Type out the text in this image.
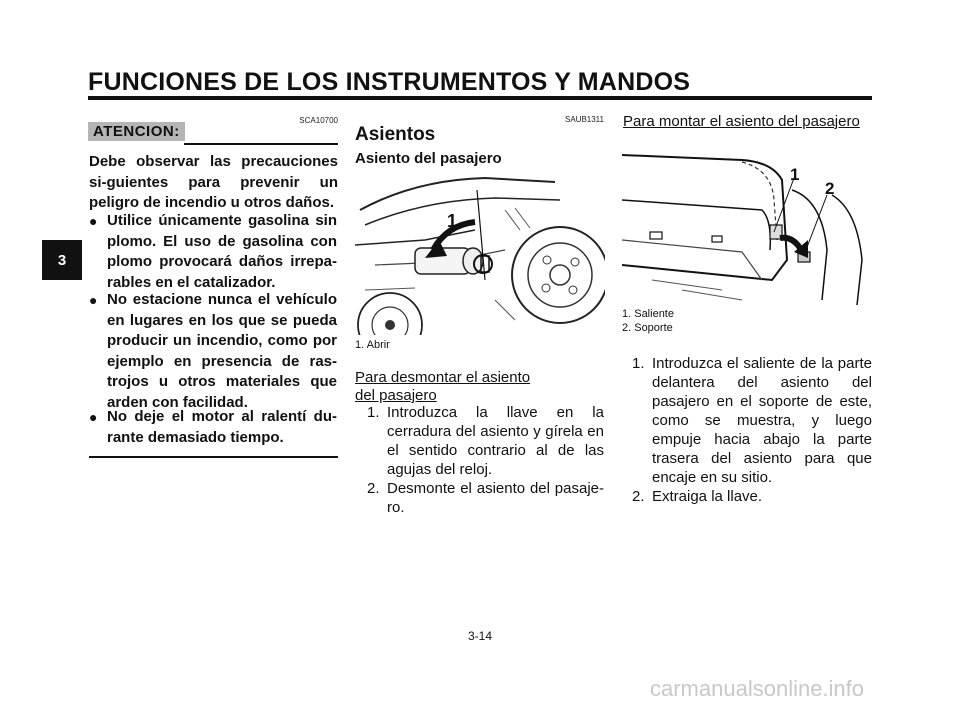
FUNCIONES DE LOS INSTRUMENTOS Y MANDOS
3
SCA10700
ATENCION:
Debe observar las precauciones si-guientes para prevenir un peligro de incendio u otros daños.
● Utilice únicamente gasolina sin plomo. El uso de gasolina con plomo provocará daños irrepa-rables en el catalizador.
● No estacione nunca el vehículo en lugares en los que se pueda producir un incendio, como por ejemplo en presencia de ras-trojos u otros materiales que arden con facilidad.
● No deje el motor al ralentí du-rante demasiado tiempo.
SAUB1311
Asientos
Asiento del pasajero
1
1. Abrir
Para desmontar el asiento del pasajero
1. Introduzca la llave en la cerradura del asiento y gírela en el sentido contrario al de las agujas del reloj.
2. Desmonte el asiento del pasaje-ro.
Para montar el asiento del pasajero
1
2
1. Saliente
2. Soporte
1. Introduzca el saliente de la parte delantera del asiento del pasajero en el soporte de este, como se muestra, y luego empuje hacia abajo la parte trasera del asiento para que encaje en su sitio.
2. Extraiga la llave.
3-14
carmanualsonline.info
